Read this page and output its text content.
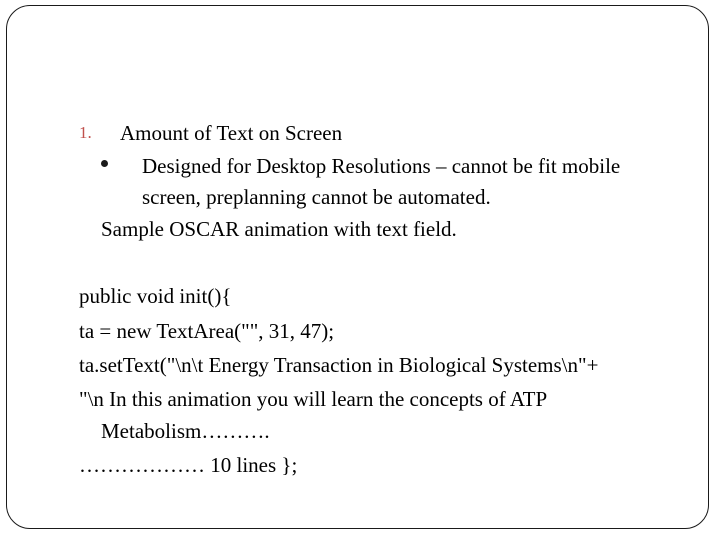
1. Amount of Text on Screen
Designed for Desktop Resolutions – cannot be fit mobile
screen, preplanning cannot be automated.
Sample OSCAR animation with text field.
public void init(){
ta = new TextArea("", 31, 47);
ta.setText("\n\t Energy Transaction in Biological Systems\n"+
"\n In this animation you will learn the concepts of ATP
Metabolism……….
……………… 10 lines };
